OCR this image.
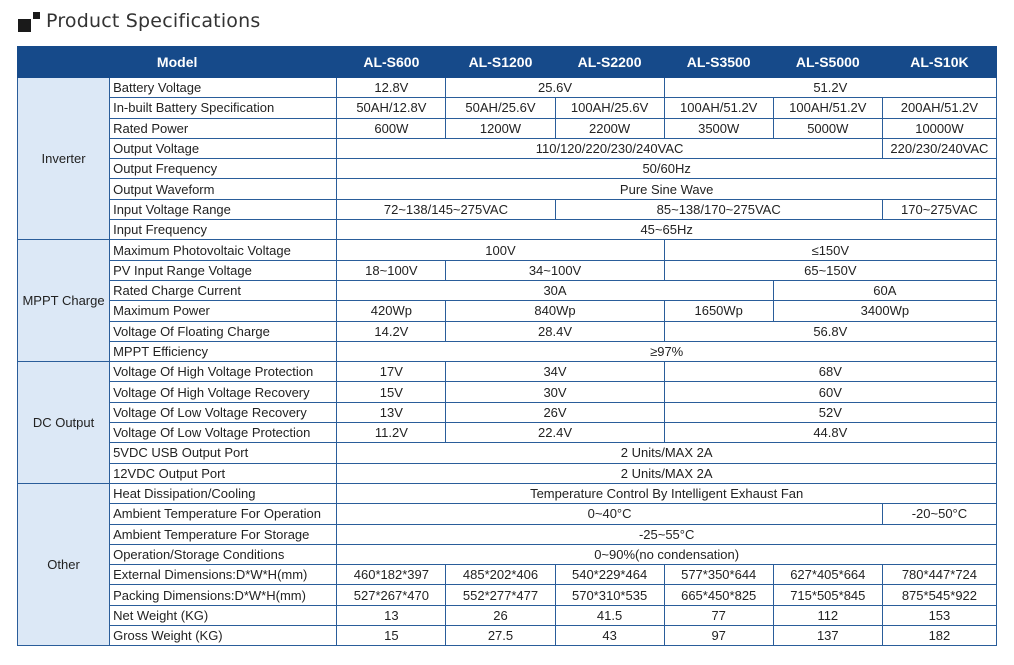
Product Specifications
Model		AL-S600	AL-S1200	AL-S2200	AL-S3500	AL-S5000	AL-S10K
Inverter	Battery Voltage	12.8V	25.6V		51.2V		
	In-built Battery Specification	50AH/12.8V	50AH/25.6V	100AH/25.6V	100AH/51.2V	100AH/51.2V	200AH/51.2V
	Rated Power	600W	1200W	2200W	3500W	5000W	10000W
	Output Voltage	110/120/220/230/240VAC					220/230/240VAC
	Output Frequency	50/60Hz					
	Output Waveform	Pure Sine Wave					
	Input Voltage Range	72~138/145~275VAC		85~138/170~275VAC			170~275VAC
	Input Frequency	45~65Hz					
MPPT Charge	Maximum Photovoltaic Voltage	100V			≤150V		
	PV Input Range Voltage	18~100V	34~100V		65~150V		
	Rated Charge Current	30A				60A	
	Maximum Power	420Wp	840Wp		1650Wp	3400Wp	
	Voltage Of Floating Charge	14.2V	28.4V		56.8V		
	MPPT Efficiency	≥97%					
DC Output	Voltage Of High Voltage Protection	17V	34V		68V		
	Voltage Of High Voltage Recovery	15V	30V		60V		
	Voltage Of Low Voltage Recovery	13V	26V		52V		
	Voltage Of Low Voltage Protection	11.2V	22.4V		44.8V		
	5VDC USB Output Port	2 Units/MAX 2A					
	12VDC Output Port	2 Units/MAX 2A					
Other	Heat Dissipation/Cooling	Temperature Control By Intelligent Exhaust Fan					
	Ambient Temperature For Operation	0~40°C					-20~50°C
	Ambient Temperature For Storage	-25~55°C					
	Operation/Storage Conditions	0~90%(no condensation)					
	External Dimensions:D*W*H(mm)	460*182*397	485*202*406	540*229*464	577*350*644	627*405*664	780*447*724
	Packing Dimensions:D*W*H(mm)	527*267*470	552*277*477	570*310*535	665*450*825	715*505*845	875*545*922
	Net Weight (KG)	13	26	41.5	77	112	153
	Gross Weight (KG)	15	27.5	43	97	137	182
